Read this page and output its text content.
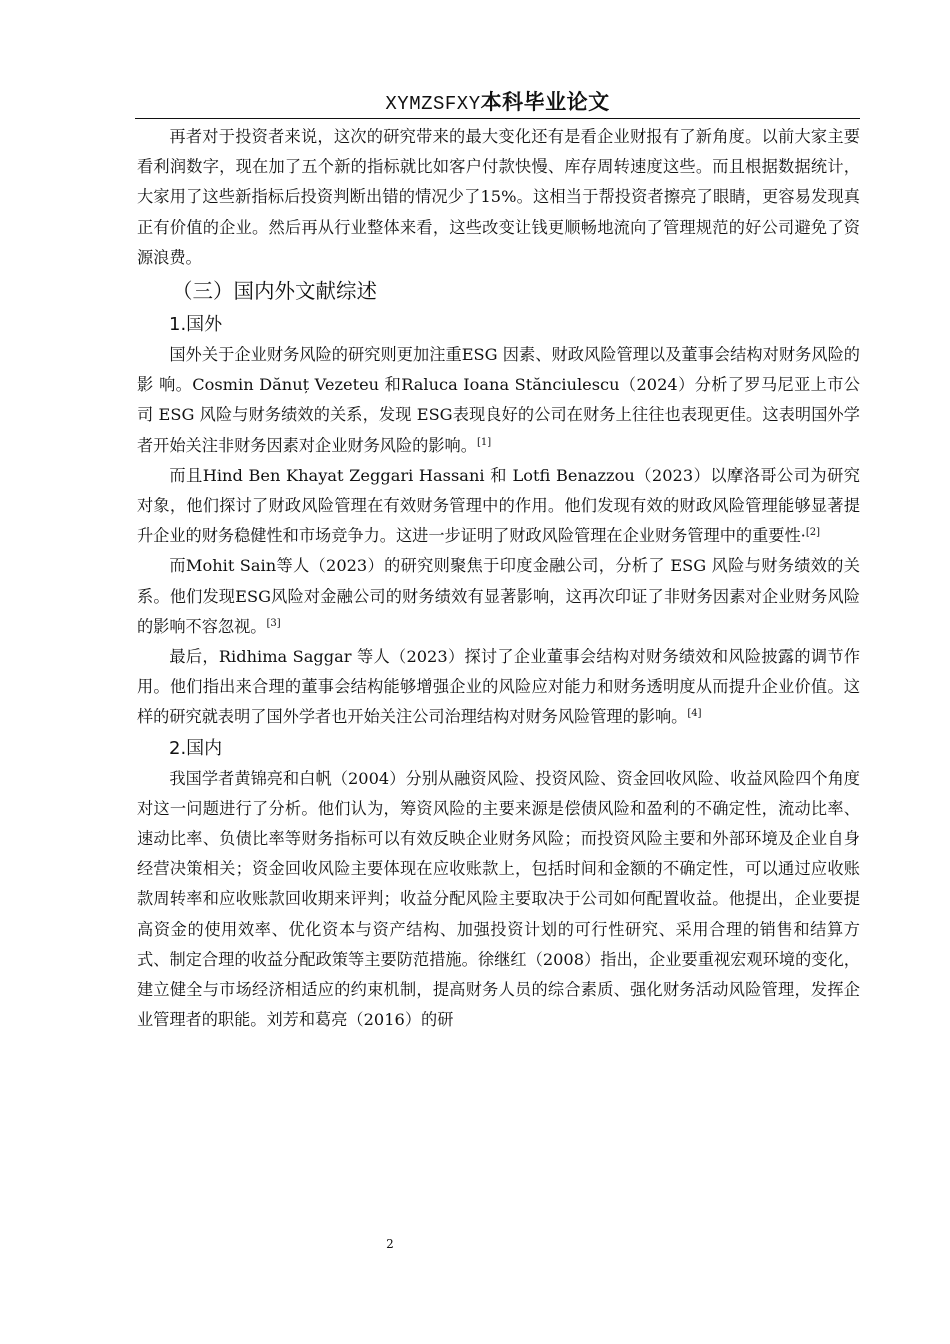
XYMZSFXY本科毕业论文

再者对于投资者来说，这次的研究带来的最大变化还有是看企业财报有了新角度。以前大家主要看利润数字，现在加了五个新的指标就比如客户付款快慢、库存周转速度这些。而且根据数据统计，大家用了这些新指标后投资判断出错的情况少了15%。这相当于帮投资者擦亮了眼睛，更容易发现真正有价值的企业。然后再从行业整体来看，这些改变让钱更顺畅地流向了管理规范的好公司避免了资源浪费。

（三）国内外文献综述
1.国外

国外关于企业财务风险的研究则更加注重ESG 因素、财政风险管理以及董事会结构对财务风险的影 响。Cosmin Dănuț Vezeteu 和Raluca Ioana Stănciulescu（2024）分析了罗马尼亚上市公司 ESG 风险与财务绩效的关系，发现 ESG表现良好的公司在财务上往往也表现更佳。这表明国外学者开始关注非财务因素对企业财务风险的影响。[1]

而且Hind Ben Khayat Zeggari Hassani 和 Lotfi Benazzou（2023）以摩洛哥公司为研究对象，他们探讨了财政风险管理在有效财务管理中的作用。他们发现有效的财政风险管理能够显著提升企业的财务稳健性和市场竞争力。这进一步证明了财政风险管理在企业财务管理中的重要性·[2]

而Mohit Sain等人（2023）的研究则聚焦于印度金融公司，分析了 ESG 风险与财务绩效的关系。他们发现ESG风险对金融公司的财务绩效有显著影响，这再次印证了非财务因素对企业财务风险的影响不容忽视。[3]

最后，Ridhima Saggar 等人（2023）探讨了企业董事会结构对财务绩效和风险披露的调节作用。他们指出来合理的董事会结构能够增强企业的风险应对能力和财务透明度从而提升企业价值。这样的研究就表明了国外学者也开始关注公司治理结构对财务风险管理的影响。[4]

2.国内

我国学者黄锦亮和白帆（2004）分别从融资风险、投资风险、资金回收风险、收益风险四个角度对这一问题进行了分析。他们认为，筹资风险的主要来源是偿债风险和盈利的不确定性，流动比率、速动比率、负债比率等财务指标可以有效反映企业财务风险；而投资风险主要和外部环境及企业自身经营决策相关；资金回收风险主要体现在应收账款上，包括时间和金额的不确定性，可以通过应收账款周转率和应收账款回收期来评判；收益分配风险主要取决于公司如何配置收益。他提出，企业要提高资金的使用效率、优化资本与资产结构、加强投资计划的可行性研究、采用合理的销售和结算方式、制定合理的收益分配政策等主要防范措施。徐继红（2008）指出，企业要重视宏观环境的变化，建立健全与市场经济相适应的约束机制，提高财务人员的综合素质、强化财务活动风险管理，发挥企业管理者的职能。刘芳和葛亮（2016）的研

2
